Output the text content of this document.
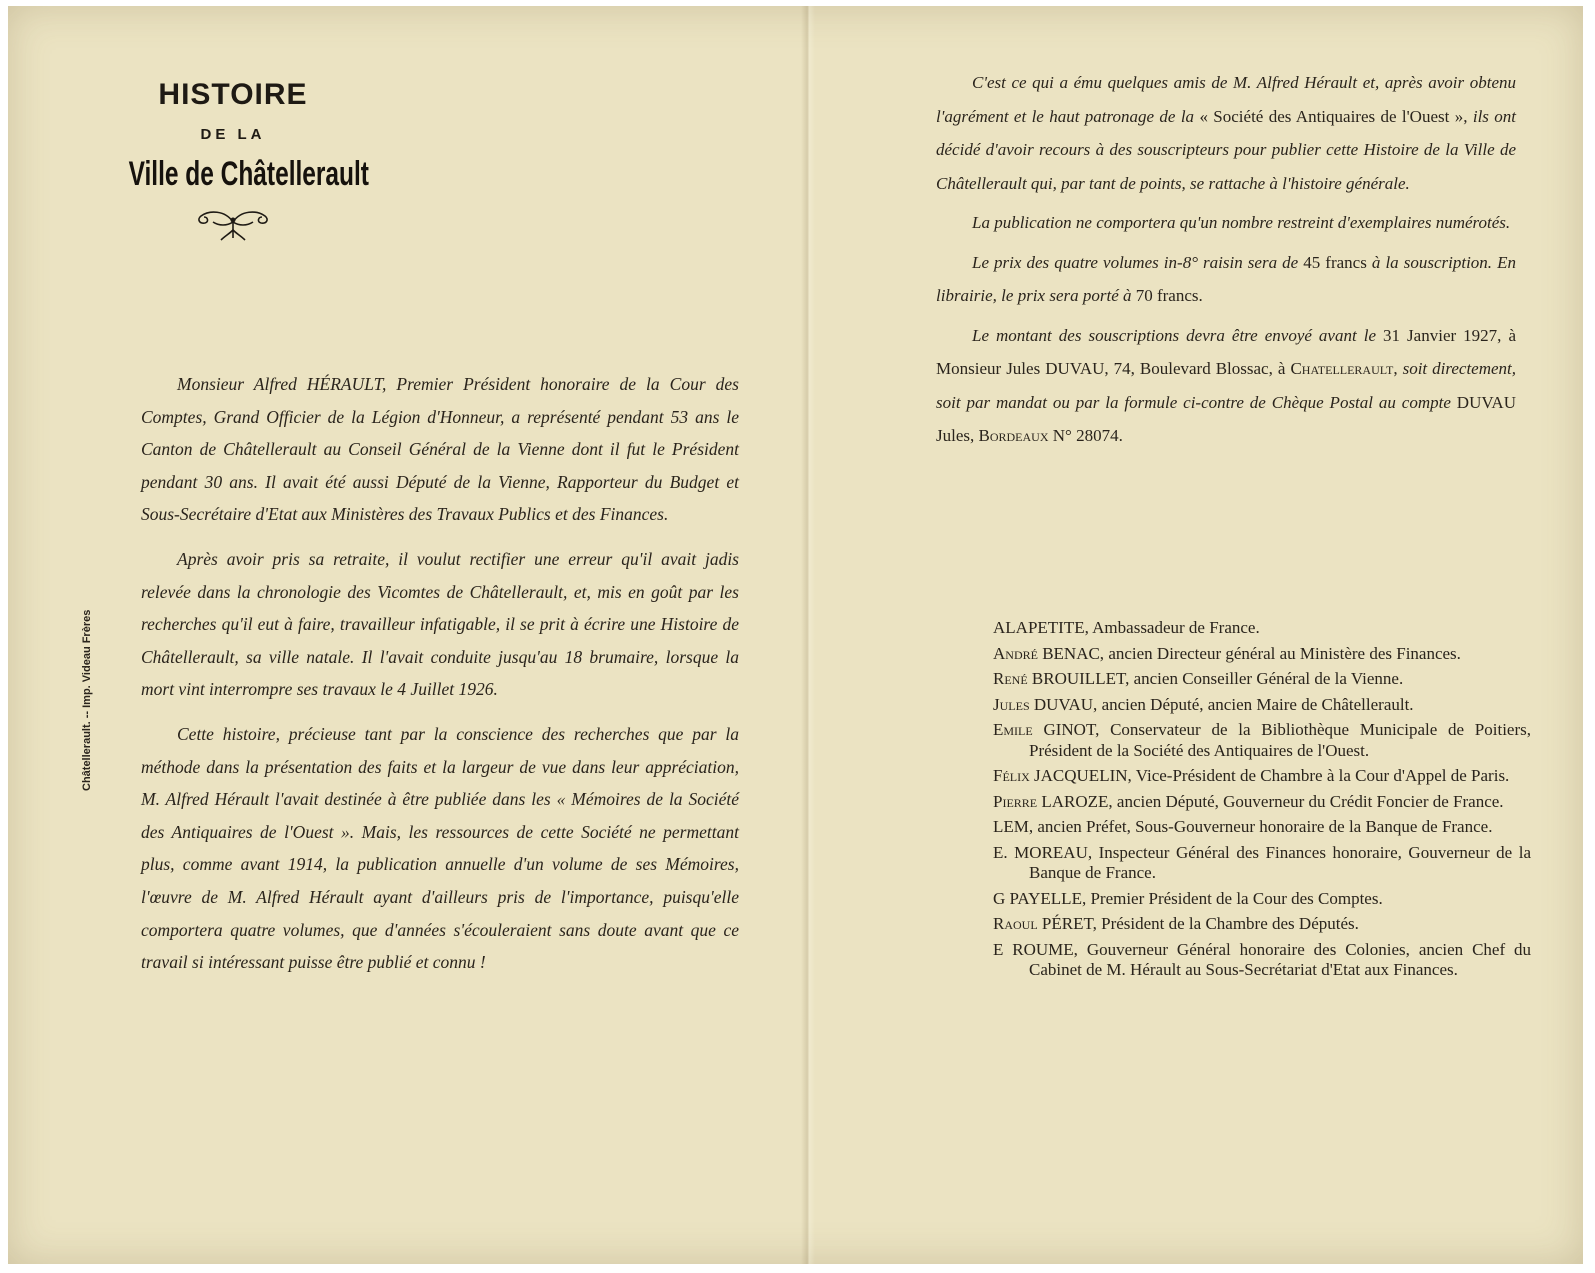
HISTOIRE
DE LA
Ville de Châtellerault

Monsieur Alfred HÉRAULT, Premier Président honoraire de la Cour des Comptes, Grand Officier de la Légion d'Honneur, a représenté pendant 53 ans le Canton de Châtellerault au Conseil Général de la Vienne dont il fut le Président pendant 30 ans. Il avait été aussi Député de la Vienne, Rapporteur du Budget et Sous-Secrétaire d'Etat aux Ministères des Travaux Publics et des Finances.

Après avoir pris sa retraite, il voulut rectifier une erreur qu'il avait jadis relevée dans la chronologie des Vicomtes de Châtellerault, et, mis en goût par les recherches qu'il eut à faire, travailleur infatigable, il se prit à écrire une Histoire de Châtellerault, sa ville natale. Il l'avait conduite jusqu'au 18 brumaire, lorsque la mort vint interrompre ses travaux le 4 Juillet 1926.

Cette histoire, précieuse tant par la conscience des recherches que par la méthode dans la présentation des faits et la largeur de vue dans leur appréciation, M. Alfred Hérault l'avait destinée à être publiée dans les « Mémoires de la Société des Antiquaires de l'Ouest ». Mais, les ressources de cette Société ne permettant plus, comme avant 1914, la publication annuelle d'un volume de ses Mémoires, l'œuvre de M. Alfred Hérault ayant d'ailleurs pris de l'importance, puisqu'elle comportera quatre volumes, que d'années s'écouleraient sans doute avant que ce travail si intéressant puisse être publié et connu !

Châtellerault. -- Imp. Videau Frères

C'est ce qui a ému quelques amis de M. Alfred Hérault et, après avoir obtenu l'agrément et le haut patronage de la « Société des Antiquaires de l'Ouest », ils ont décidé d'avoir recours à des souscripteurs pour publier cette Histoire de la Ville de Châtellerault qui, par tant de points, se rattache à l'histoire générale.

La publication ne comportera qu'un nombre restreint d'exemplaires numérotés.

Le prix des quatre volumes in-8° raisin sera de 45 francs à la souscription. En librairie, le prix sera porté à 70 francs.

Le montant des souscriptions devra être envoyé avant le 31 Janvier 1927, à Monsieur Jules DUVAU, 74, Boulevard Blossac, à Chatellerault, soit directement, soit par mandat ou par la formule ci-contre de Chèque Postal au compte DUVAU Jules, Bordeaux N° 28074.

ALAPETITE, Ambassadeur de France.
André BENAC, ancien Directeur général au Ministère des Finances.
René BROUILLET, ancien Conseiller Général de la Vienne.
Jules DUVAU, ancien Député, ancien Maire de Châtellerault.
Emile GINOT, Conservateur de la Bibliothèque Municipale de Poitiers, Président de la Société des Antiquaires de l'Ouest.
Félix JACQUELIN, Vice-Président de Chambre à la Cour d'Appel de Paris.
Pierre LAROZE, ancien Député, Gouverneur du Crédit Foncier de France.
LEM, ancien Préfet, Sous-Gouverneur honoraire de la Banque de France.
E. MOREAU, Inspecteur Général des Finances honoraire, Gouverneur de la Banque de France.
G PAYELLE, Premier Président de la Cour des Comptes.
Raoul PÉRET, Président de la Chambre des Députés.
E ROUME, Gouverneur Général honoraire des Colonies, ancien Chef du Cabinet de M. Hérault au Sous-Secrétariat d'Etat aux Finances.
